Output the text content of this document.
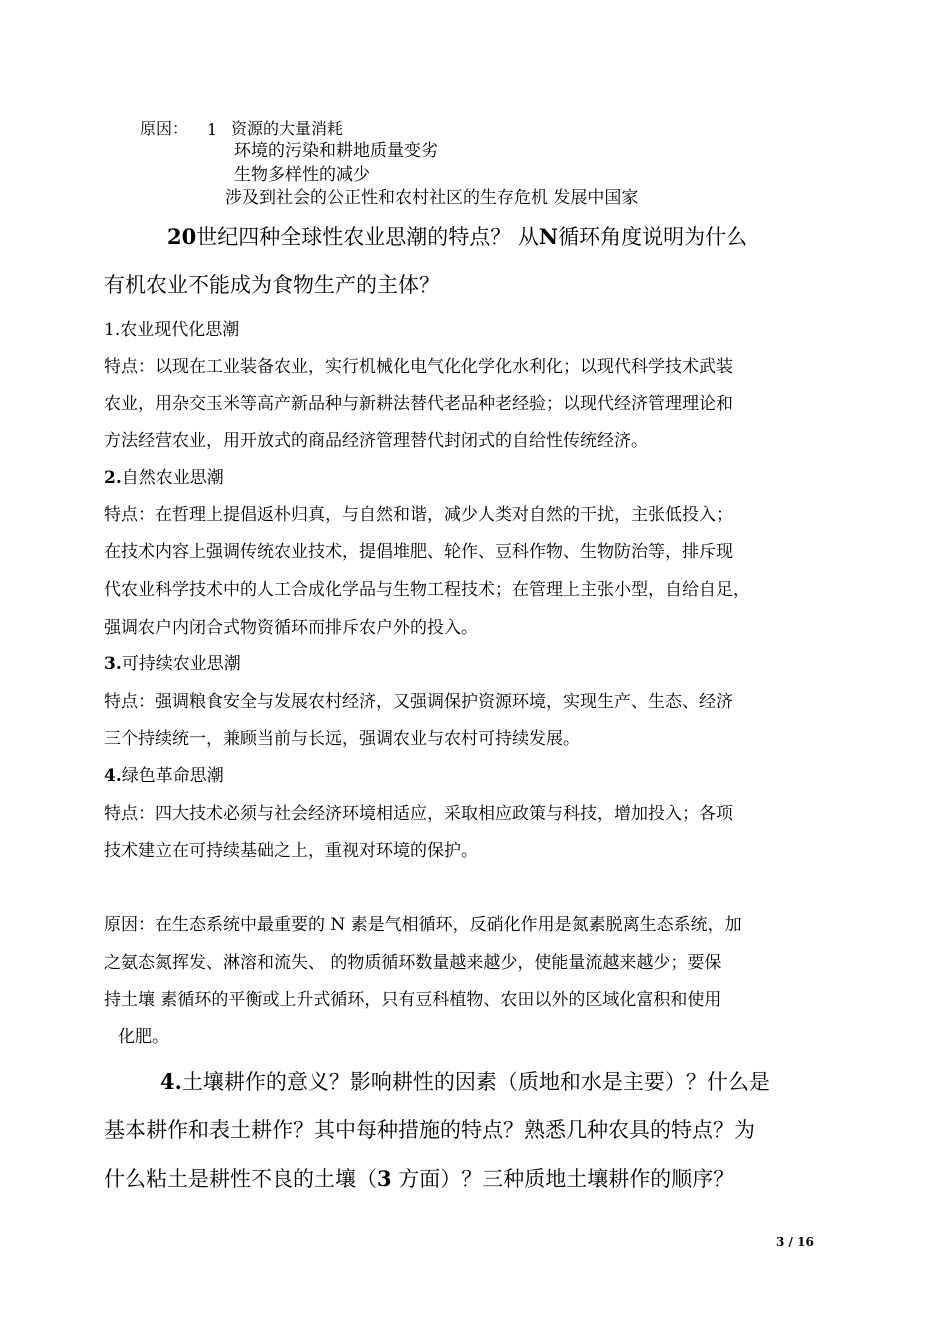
原因： 1 资源的大量消耗
环境的污染和耕地质量变劣
生物多样性的减少
涉及到社会的公正性和农村社区的生存危机 发展中国家
20世纪四种全球性农业思潮的特点？ 从N循环角度说明为什么
有机农业不能成为食物生产的主体？
1.农业现代化思潮
特点：以现在工业装备农业，实行机械化电气化化学化水利化；以现代科学技术武装
农业，用杂交玉米等高产新品种与新耕法替代老品种老经验；以现代经济管理理论和
方法经营农业，用开放式的商品经济管理替代封闭式的自给性传统经济。
2.自然农业思潮
特点：在哲理上提倡返朴归真，与自然和谐，减少人类对自然的干扰，主张低投入；
在技术内容上强调传统农业技术，提倡堆肥、轮作、豆科作物、生物防治等，排斥现
代农业科学技术中的人工合成化学品与生物工程技术；在管理上主张小型，自给自足，
强调农户内闭合式物资循环而排斥农户外的投入。
3.可持续农业思潮
特点：强调粮食安全与发展农村经济，又强调保护资源环境，实现生产、生态、经济
三个持续统一，兼顾当前与长远，强调农业与农村可持续发展。
4.绿色革命思潮
特点：四大技术必须与社会经济环境相适应，采取相应政策与科技，增加投入；各项
技术建立在可持续基础之上，重视对环境的保护。
原因：在生态系统中最重要的 N 素是气相循环，反硝化作用是氮素脱离生态系统，加
之氨态氮挥发、淋溶和流失、 的物质循环数量越来越少，使能量流越来越少；要保
持土壤 素循环的平衡或上升式循环，只有豆科植物、农田以外的区域化富积和使用
化肥。
4.土壤耕作的意义？影响耕性的因素（质地和水是主要）？什么是
基本耕作和表土耕作？其中每种措施的特点？熟悉几种农具的特点？为
什么粘土是耕性不良的土壤（3 方面）？三种质地土壤耕作的顺序？
3 / 16
